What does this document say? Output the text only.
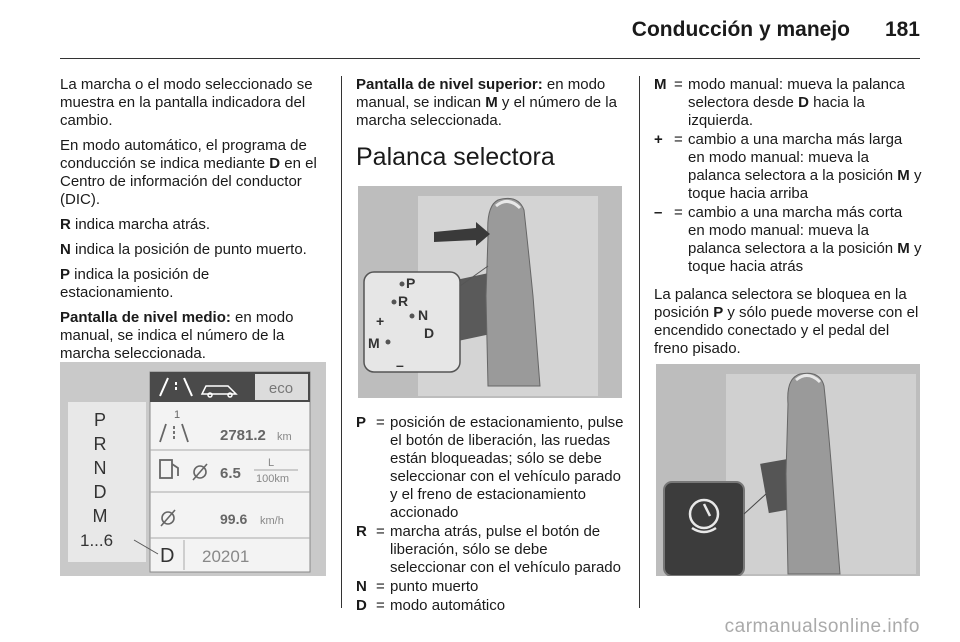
Conducción y manejo 181

La marcha o el modo seleccionado se muestra en la pantalla indicadora del cambio.

En modo automático, el programa de conducción se indica mediante D en el Centro de información del conductor (DIC).

R indica marcha atrás.

N indica la posición de punto muerto.

P indica la posición de estacionamiento.

Pantalla de nivel medio: en modo manual, se indica el número de la marcha seleccionada.

P
R
N
D
M
1...6
eco
1
2781.2 km
6.5
L
100km
99.6 km/h
D 20201

Pantalla de nivel superior: en modo manual, se indican M y el número de la marcha seleccionada.

Palanca selectora
P
R
N
D
M
+
–
P = posición de estacionamiento, pulse el botón de liberación, las ruedas están bloqueadas; sólo se debe seleccionar con el vehículo parado y el freno de estacionamiento accionado
R = marcha atrás, pulse el botón de liberación, sólo se debe seleccionar con el vehículo parado
N = punto muerto
D = modo automático
M = modo manual: mueva la palanca selectora desde D hacia la izquierda.
+ = cambio a una marcha más larga en modo manual: mueva la palanca selectora a la posición M y toque hacia arriba
– = cambio a una marcha más corta en modo manual: mueva la palanca selectora a la posición M y toque hacia atrás
La palanca selectora se bloquea en la posición P y sólo puede moverse con el encendido conectado y el pedal del freno pisado.
carmanualsonline.info
